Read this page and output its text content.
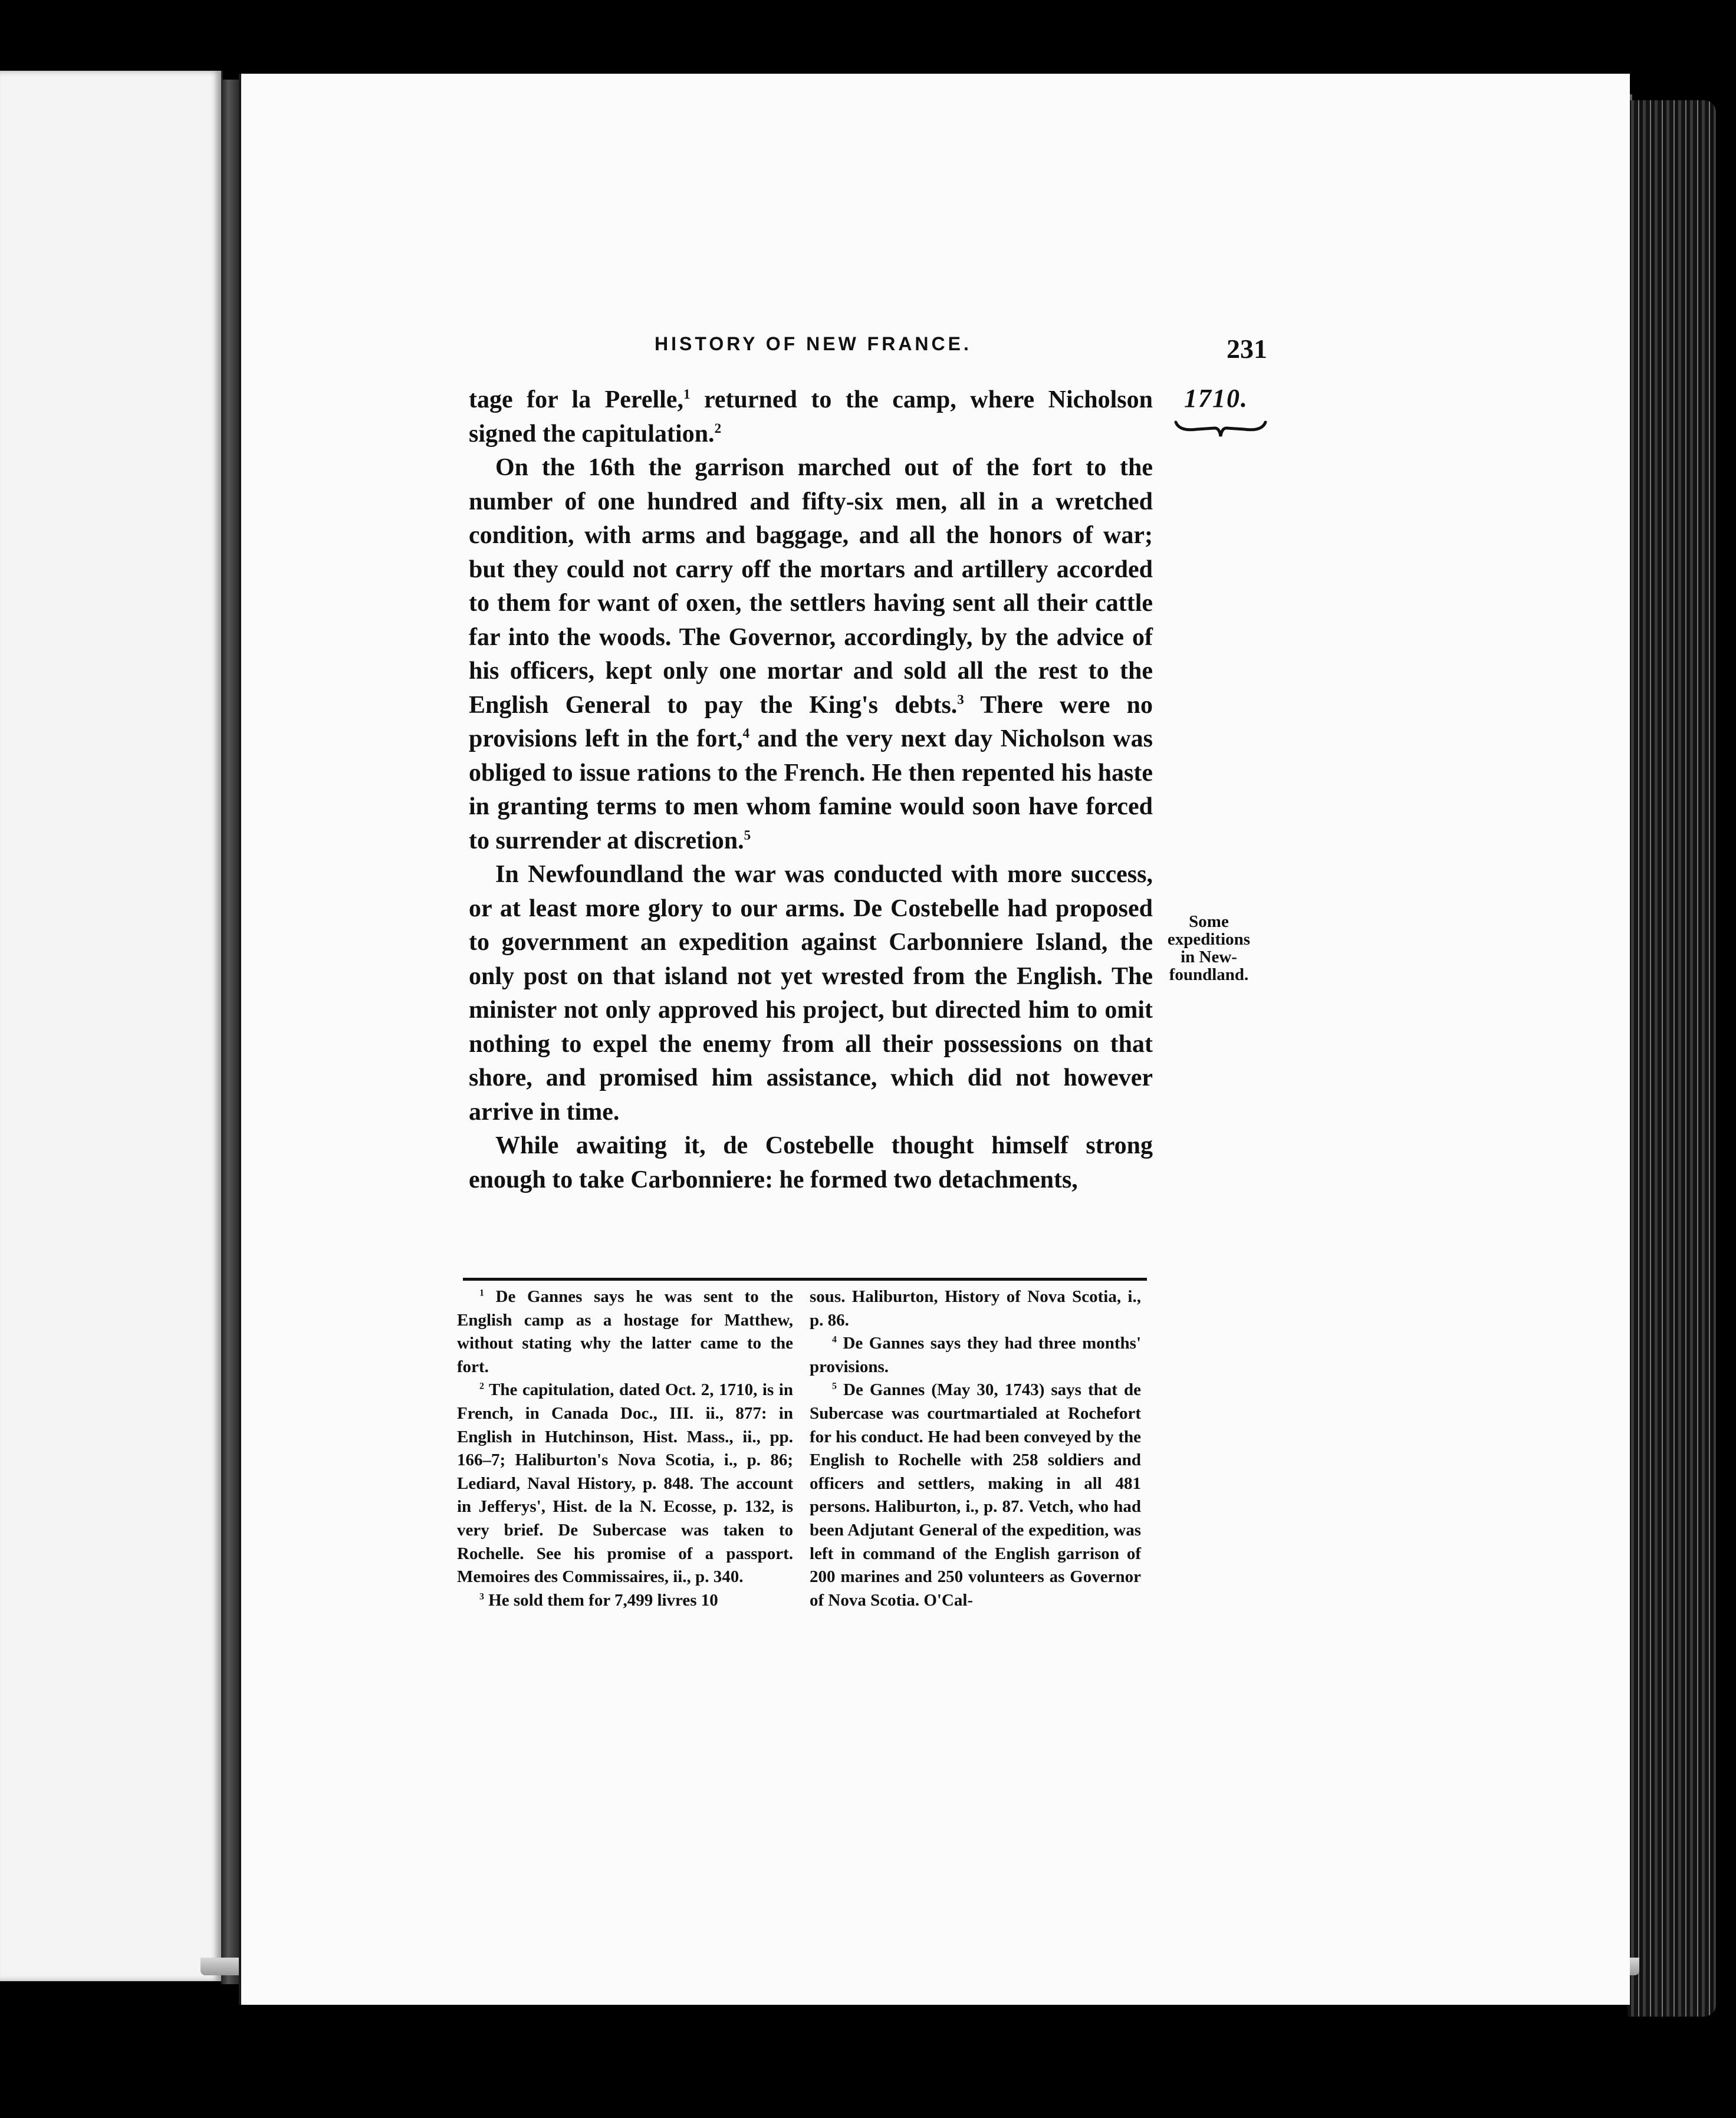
HISTORY OF NEW FRANCE.	231
1710.
Some
expeditions
in New-
foundland.

tage for la Perelle,$^1$ returned to the camp, where Nicholson signed the capitulation.$^2$

On the 16th the garrison marched out of the fort to the number of one hundred and fifty-six men, all in a wretched condition, with arms and baggage, and all the honors of war; but they could not carry off the mortars and artillery accorded to them for want of oxen, the settlers having sent all their cattle far into the woods. The Governor, accordingly, by the advice of his officers, kept only one mortar and sold all the rest to the English General to pay the King's debts.$^3$ There were no provisions left in the fort,$^4$ and the very next day Nicholson was obliged to issue rations to the French. He then repented his haste in granting terms to men whom famine would soon have forced to surrender at discretion.$^5$

In Newfoundland the war was conducted with more success, or at least more glory to our arms. De Costebelle had proposed to government an expedition against Carbonniere Island, the only post on that island not yet wrested from the English. The minister not only approved his project, but directed him to omit nothing to expel the enemy from all their possessions on that shore, and promised him assistance, which did not however arrive in time.

While awaiting it, de Costebelle thought himself strong enough to take Carbonniere: he formed two detachments,

$^1$ De Gannes says he was sent to the English camp as a hostage for Matthew, without stating why the latter came to the fort.

$^2$ The capitulation, dated Oct. 2, 1710, is in French, in Canada Doc., III. ii., 877: in English in Hutchinson, Hist. Mass., ii., pp. 166–7; Haliburton's Nova Scotia, i., p. 86; Lediard, Naval History, p. 848. The account in Jefferys', Hist. de la N. Ecosse, p. 132, is very brief. De Subercase was taken to Rochelle. See his promise of a passport. Memoires des Commissaires, ii., p. 340.

$^3$ He sold them for 7,499 livres 10

sous. Haliburton, History of Nova Scotia, i., p. 86.

$^4$ De Gannes says they had three months' provisions.

$^5$ De Gannes (May 30, 1743) says that de Subercase was courtmartialed at Rochefort for his conduct. He had been conveyed by the English to Rochelle with 258 soldiers and officers and settlers, making in all 481 persons. Haliburton, i., p. 87. Vetch, who had been Adjutant General of the expedition, was left in command of the English garrison of 200 marines and 250 volunteers as Governor of Nova Scotia. O'Cal-
